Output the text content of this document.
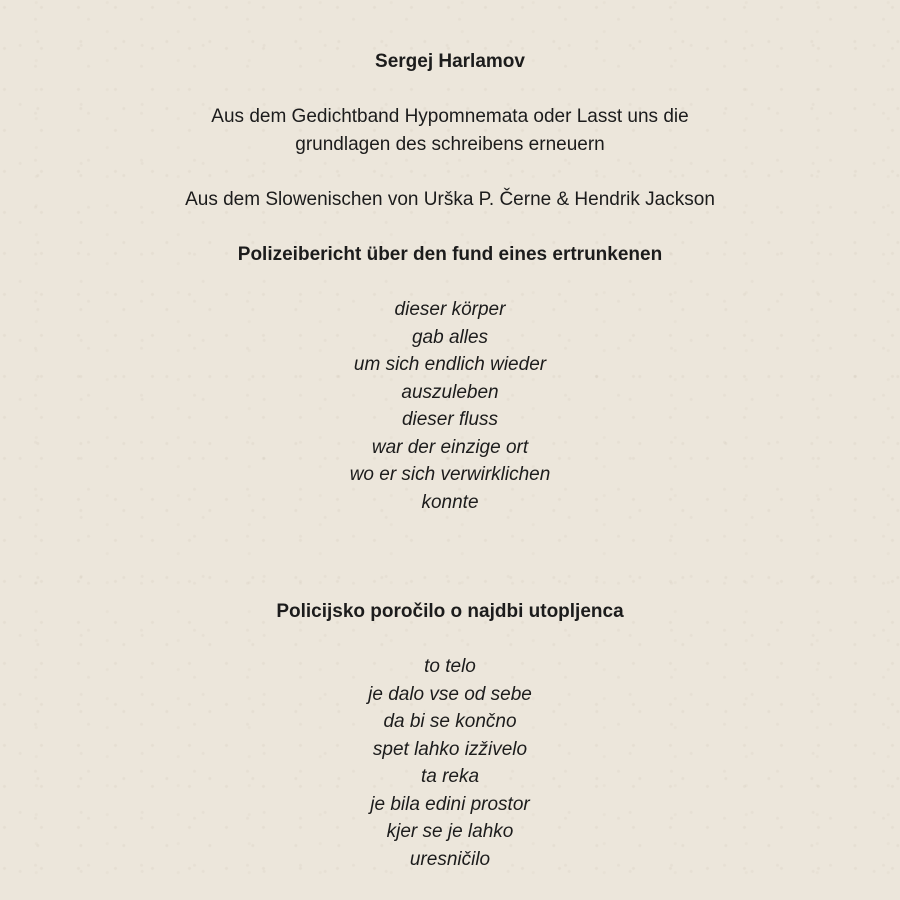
Sergej Harlamov
Aus dem Gedichtband Hypomnemata oder Lasst uns die
grundlagen des schreibens erneuern
Aus dem Slowenischen von Urška P. Černe & Hendrik Jackson
Polizeibericht über den fund eines ertrunkenen
dieser körper
gab alles
um sich endlich wieder
auszuleben
dieser fluss
war der einzige ort
wo er sich verwirklichen
konnte
Policijsko poročilo o najdbi utopljenca
to telo
je dalo vse od sebe
da bi se končno
spet lahko izživelo
ta reka
je bila edini prostor
kjer se je lahko
uresničilo
